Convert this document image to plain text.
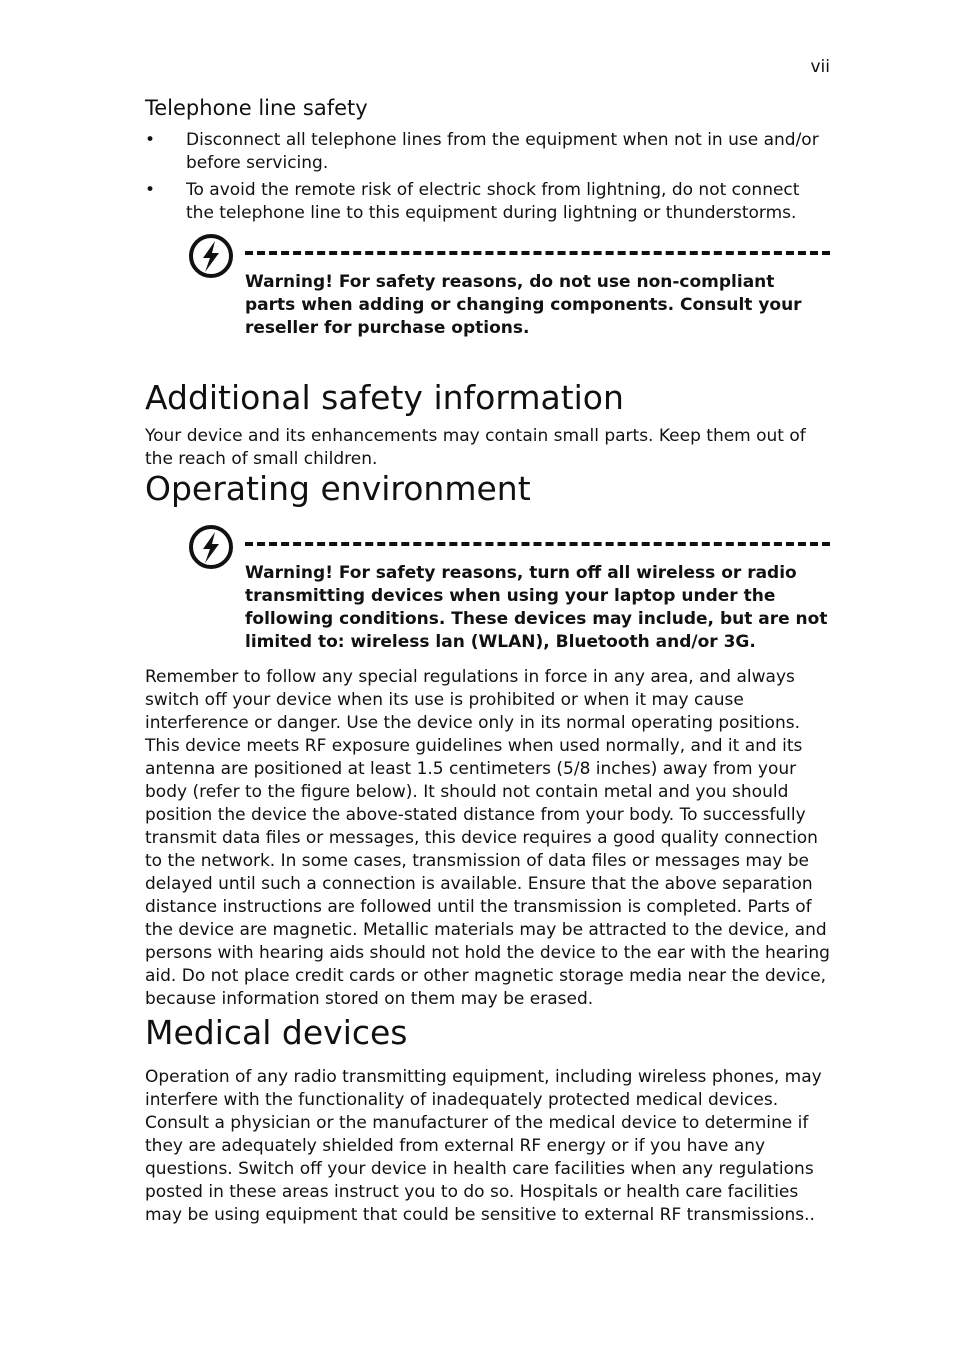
vii
Telephone line safety
• Disconnect all telephone lines from the equipment when not in use and/or before servicing.
• To avoid the remote risk of electric shock from lightning, do not connect the telephone line to this equipment during lightning or thunderstorms.
Warning! For safety reasons, do not use non-compliant parts when adding or changing components. Consult your reseller for purchase options.
Additional safety information

Your device and its enhancements may contain small parts. Keep them out of the reach of small children.

Operating environment
Warning! For safety reasons, turn off all wireless or radio transmitting devices when using your laptop under the following conditions. These devices may include, but are not limited to: wireless lan (WLAN), Bluetooth and/or 3G.

Remember to follow any special regulations in force in any area, and always switch off your device when its use is prohibited or when it may cause interference or danger. Use the device only in its normal operating positions. This device meets RF exposure guidelines when used normally, and it and its antenna are positioned at least 1.5 centimeters (5/8 inches) away from your body (refer to the figure below). It should not contain metal and you should position the device the above-stated distance from your body. To successfully transmit data files or messages, this device requires a good quality connection to the network. In some cases, transmission of data files or messages may be delayed until such a connection is available. Ensure that the above separation distance instructions are followed until the transmission is completed. Parts of the device are magnetic. Metallic materials may be attracted to the device, and persons with hearing aids should not hold the device to the ear with the hearing aid. Do not place credit cards or other magnetic storage media near the device, because information stored on them may be erased.

Medical devices

Operation of any radio transmitting equipment, including wireless phones, may interfere with the functionality of inadequately protected medical devices. Consult a physician or the manufacturer of the medical device to determine if they are adequately shielded from external RF energy or if you have any questions. Switch off your device in health care facilities when any regulations posted in these areas instruct you to do so. Hospitals or health care facilities may be using equipment that could be sensitive to external RF transmissions..
